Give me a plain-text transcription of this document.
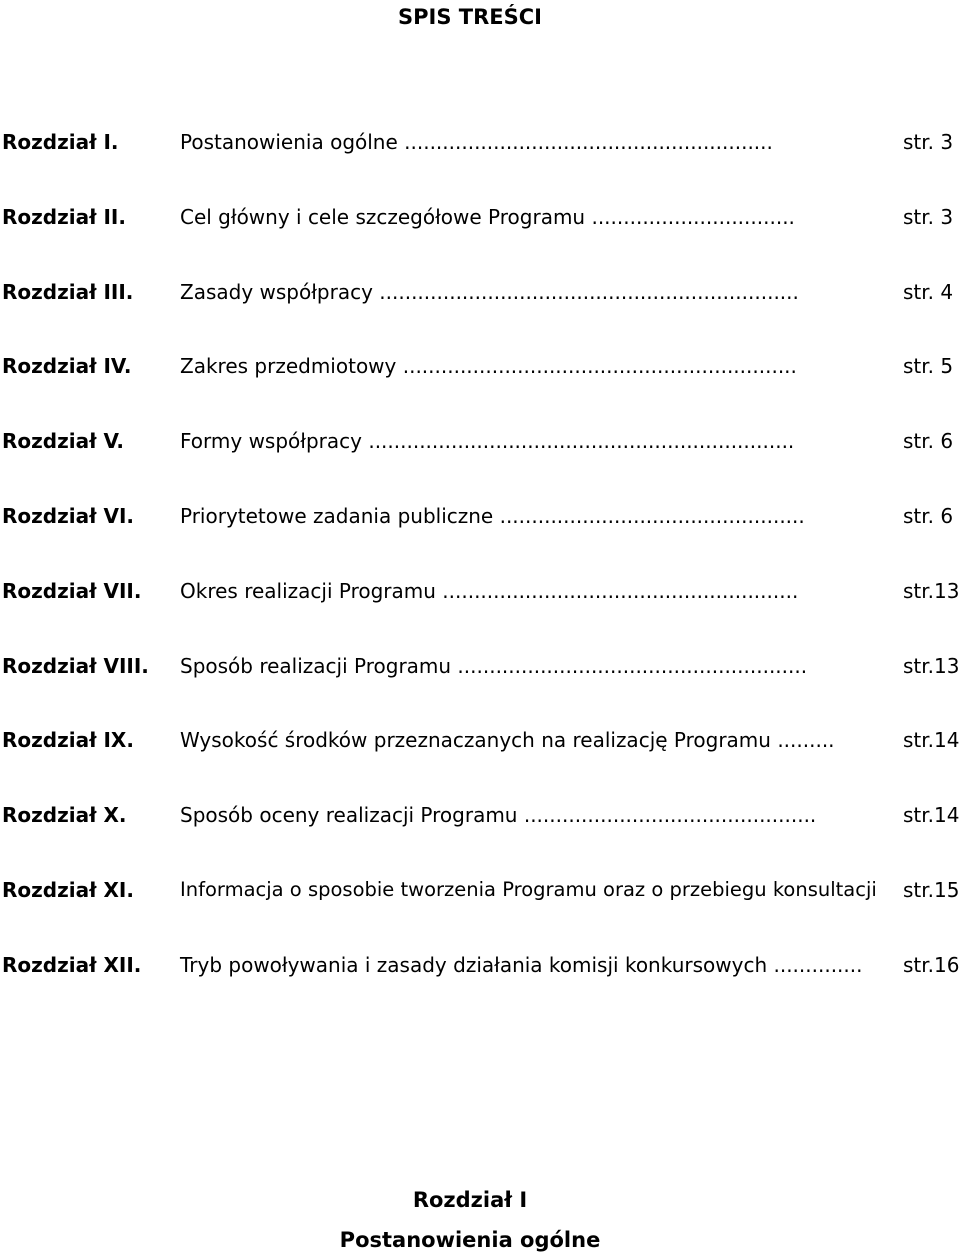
SPIS TREŚCI
Rozdział I.	Postanowienia ogólne ..........................................................	str. 3
Rozdział II.	Cel główny i cele szczegółowe Programu ................................	str. 3
Rozdział III. Zasady współpracy ..................................................................	str. 4
Rozdział IV. Zakres przedmiotowy ..............................................................	str. 5
Rozdział V.	Formy współpracy ...................................................................	str. 6
Rozdział VI. Priorytetowe zadania publiczne ................................................	str. 6
Rozdział VII. Okres realizacji Programu ........................................................	str.13
Rozdział VIII. Sposób realizacji Programu .......................................................	str.13
Rozdział IX. Wysokość środków przeznaczanych na realizację Programu .........	str.14
Rozdział X.	Sposób oceny realizacji Programu ..............................................	str.14
Rozdział XI. Informacja o sposobie tworzenia Programu oraz o przebiegu konsultacji str.15
Rozdział XII. Tryb powoływania i zasady działania komisji konkursowych .............. str.16
Rozdział I
Postanowienia ogólne
